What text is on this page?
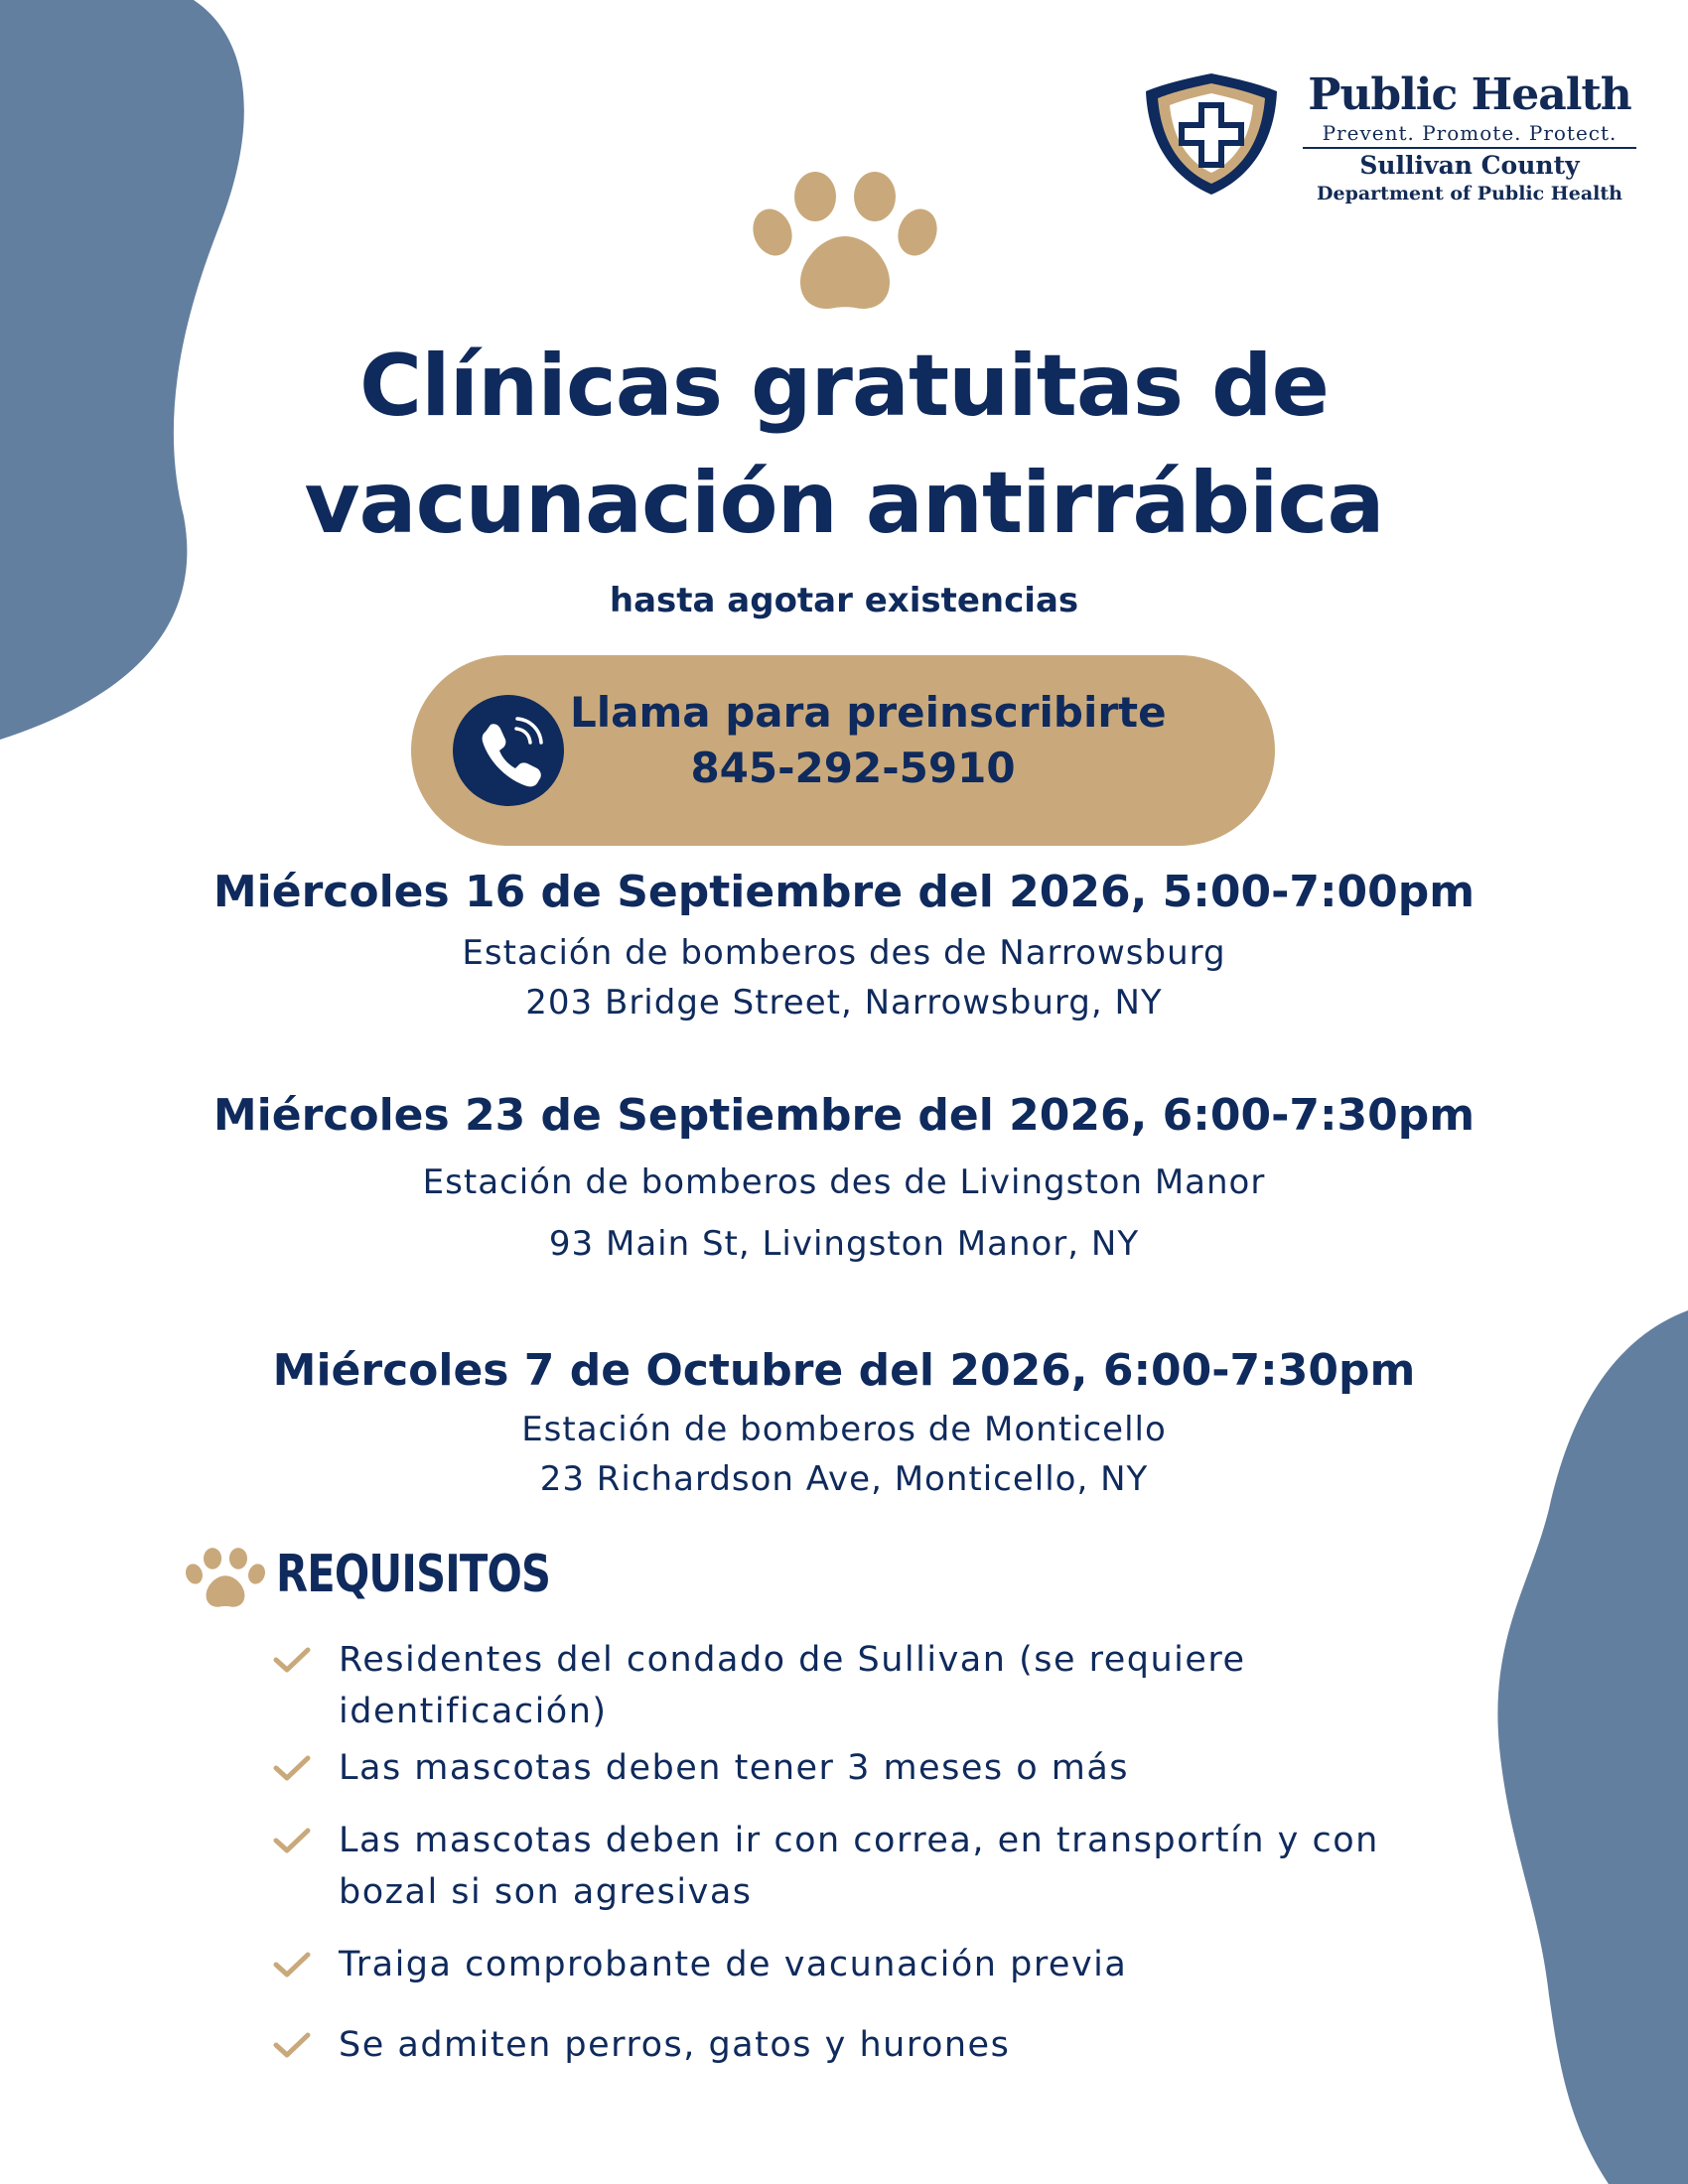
Public Health
Prevent. Promote. Protect.
Sullivan County
Department of Public Health
Clínicas gratuitas de
vacunación antirrábica
hasta agotar existencias
Llama para preinscribirte
845-292-5910
Miércoles 16 de Septiembre del 2026, 5:00-7:00pm
Estación de bomberos des de Narrowsburg
203 Bridge Street, Narrowsburg, NY
Miércoles 23 de Septiembre del 2026, 6:00-7:30pm
Estación de bomberos des de Livingston Manor
93 Main St, Livingston Manor, NY
Miércoles 7 de Octubre del 2026, 6:00-7:30pm
Estación de bomberos de Monticello
23 Richardson Ave, Monticello, NY
REQUISITOS
Residentes del condado de Sullivan (se requiere identificación)
Las mascotas deben tener 3 meses o más
Las mascotas deben ir con correa, en transportín y con bozal si son agresivas
Traiga comprobante de vacunación previa
Se admiten perros, gatos y hurones
